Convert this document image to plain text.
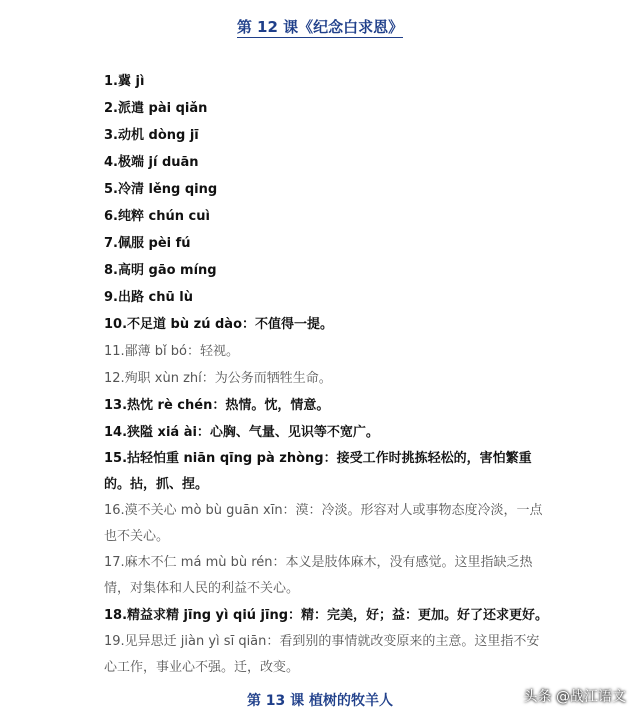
第 12 课《纪念白求恩》
1.冀 jì
2.派遣 pài qiǎn
3.动机 dòng jī
4.极端 jí duān
5.冷清 lěng qing
6.纯粹 chún cuì
7.佩服 pèi fú
8.高明 gāo míng
9.出路 chū lù
10.不足道 bù zú dào：不值得一提。
11.鄙薄 bǐ bó：轻视。
12.殉职 xùn zhí：为公务而牺牲生命。
13.热忱 rè chén：热情。忱，情意。
14.狭隘 xiá ài：心胸、气量、见识等不宽广。
15.拈轻怕重 niān qīng pà zhòng：接受工作时挑拣轻松的，害怕繁重的。拈，抓、捏。
16.漠不关心 mò bù guān xīn：漠：冷淡。形容对人或事物态度冷淡，一点也不关心。
17.麻木不仁 má mù bù rén：本义是肢体麻木，没有感觉。这里指缺乏热情，对集体和人民的利益不关心。
18.精益求精 jīng yì qiú jīng：精：完美，好；益：更加。好了还求更好。
19.见异思迁 jiàn yì sī qiān：看到别的事情就改变原来的主意。这里指不安心工作，事业心不强。迁，改变。
第 13 课 植树的牧羊人	头条 @战江语文
